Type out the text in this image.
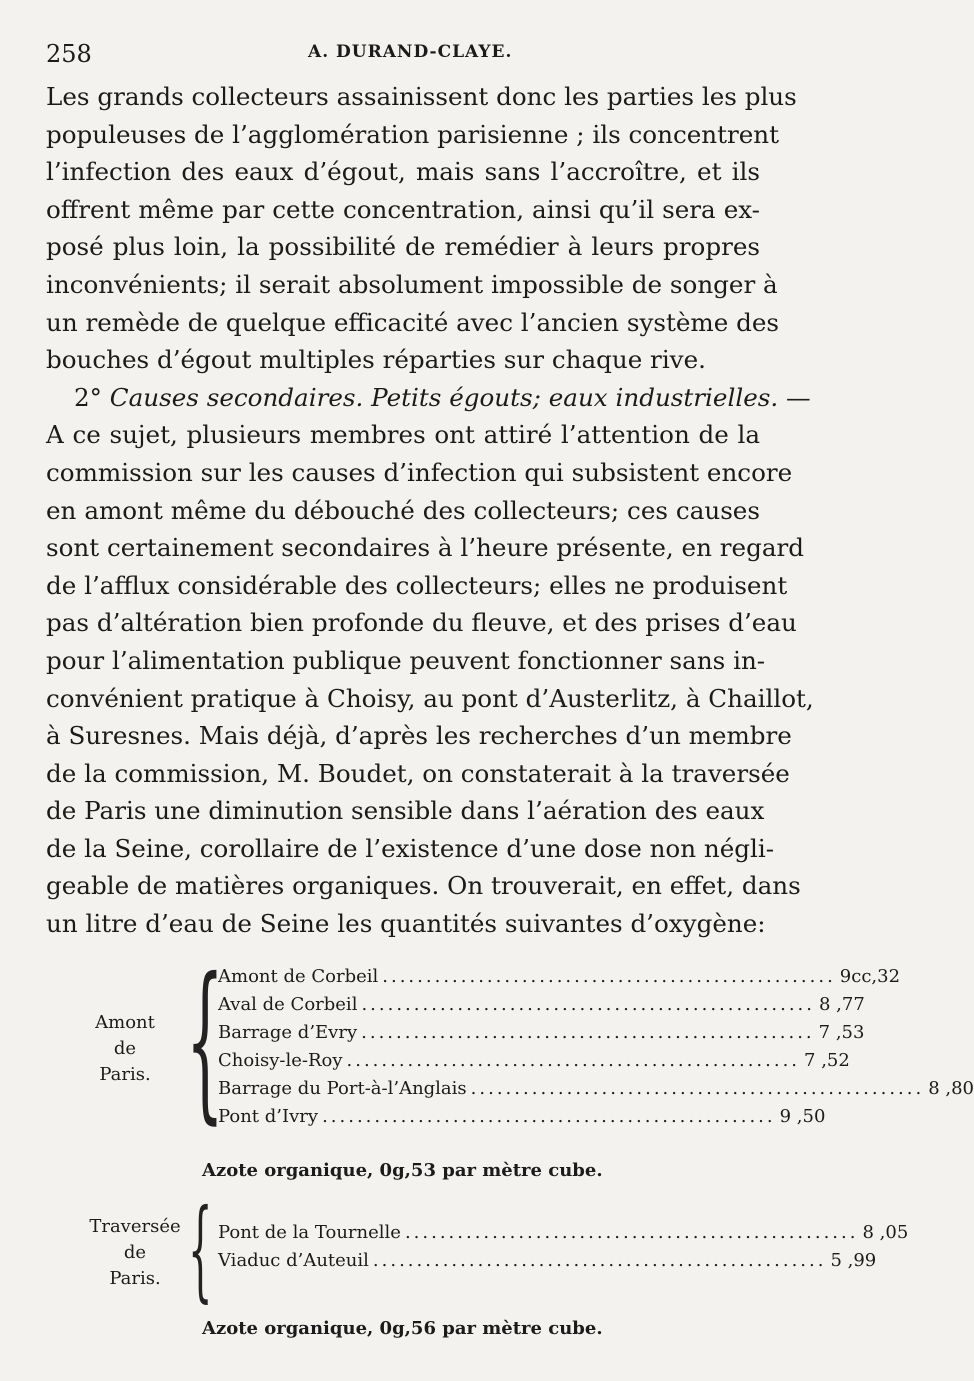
258	A. DURAND-CLAYE.
Les grands collecteurs assainissent donc les parties les plus
populeuses de l’agglomération parisienne ; ils concentrent
l’infection des eaux d’égout, mais sans l’accroître, et ils
offrent même par cette concentration, ainsi qu’il sera ex-
posé plus loin, la possibilité de remédier à leurs propres
inconvénients; il serait absolument impossible de songer à
un remède de quelque efficacité avec l’ancien système des
bouches d’égout multiples réparties sur chaque rive.
2° Causes secondaires. Petits égouts; eaux industrielles. —
A ce sujet, plusieurs membres ont attiré l’attention de la
commission sur les causes d’infection qui subsistent encore
en amont même du débouché des collecteurs; ces causes
sont certainement secondaires à l’heure présente, en regard
de l’afflux considérable des collecteurs; elles ne produisent
pas d’altération bien profonde du fleuve, et des prises d’eau
pour l’alimentation publique peuvent fonctionner sans in-
convénient pratique à Choisy, au pont d’Austerlitz, à Chaillot,
à Suresnes. Mais déjà, d’après les recherches d’un membre
de la commission, M. Boudet, on constaterait à la traversée
de Paris une diminution sensible dans l’aération des eaux
de la Seine, corollaire de l’existence d’une dose non négli-
geable de matières organiques. On trouverait, en effet, dans
un litre d’eau de Seine les quantités suivantes d’oxygène:
Amont
de
Paris. {
Amont de Corbeil .................................................... 9cc,32
Aval de Corbeil .................................................... 8 ,77
Barrage d’Evry .................................................... 7 ,53
Choisy-le-Roy .................................................... 7 ,52
Barrage du Port-à-l’Anglais .................................................... 8 ,80
Pont d’Ivry .................................................... 9 ,50
Azote organique, 0g,53 par mètre cube.
Traversée
de
Paris. { Pont de la Tournelle .................................................... 8 ,05
Viaduc d’Auteuil .................................................... 5 ,99
Azote organique, 0g,56 par mètre cube.
